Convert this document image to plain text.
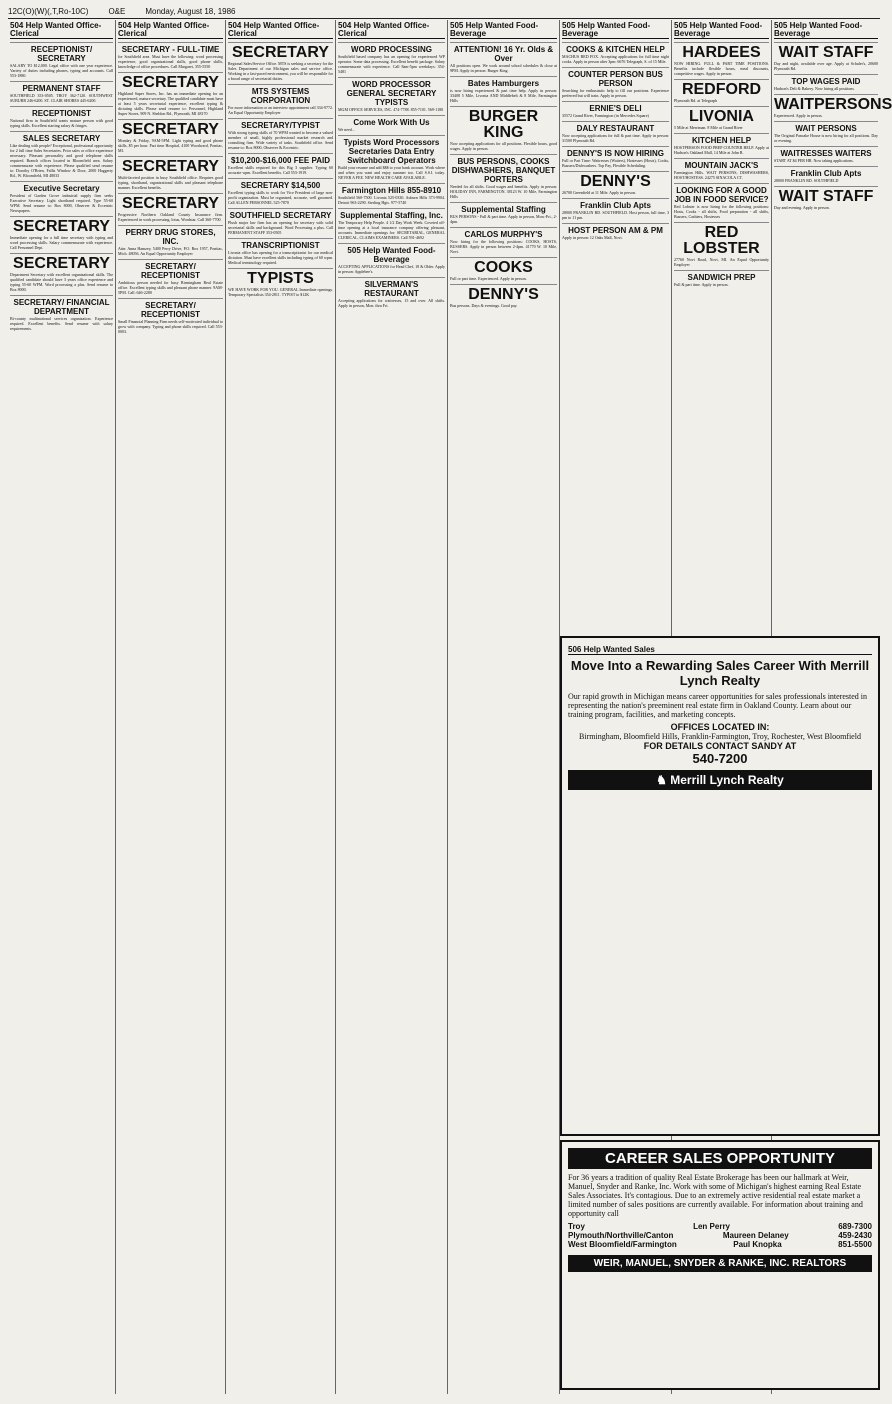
12C(O)(W)(,T,Ro-10C)	O&E	Monday, August 18, 1986
504 Help Wanted Office-Clerical
RECEPTIONIST/ SECRETARY
SALARY TO $12,000. Legal office with one year experience. Variety of duties including phones, typing and accounts. Call 553-1880.
PERMANENT STAFF
SOUTHFIELD 353-0505. TROY 362-7120. SOUTHWEST SUBURB 246-6200. ST. CLAIR SHORES 445-6200.
RECEPTIONIST
National firm in Southfield wants mature person with good typing skills. Excellent starting salary & fringes.
SALES SECRETARY
Like dealing with people? Exceptional, professional opportunity for 2 full time Sales Secretaries. Prior sales or office experience necessary. Pleasant personality and good telephone skills required. Branch offices located in Bloomfield area. Salary commensurate with experience. Please qualified send resume to: Dorothy O'Brien, Fallis Window & Door, 2000 Haggerty Rd., W. Bloomfield, MI 48033
Executive Secretary
President of Garden Grove industrial supply firm seeks Executive Secretary. Light shorthand required. Type 55-60 WPM. Send resume to: Box 8000, Observer & Eccentric Newspapers.
SECRETARY
Immediate opening for a full time secretary with typing and word processing skills. Salary commensurate with experience. Call Personnel Dept.
SECRETARY
Department Secretary with excellent organizational skills. The qualified candidate should have 3 years office experience and typing 55-60 WPM. Word processing a plus. Send resume to Box 8000.
SECRETARY/ FINANCIAL DEPARTMENT
Bi-county multinational services organization. Experience required. Excellent benefits. Send resume with salary requirements.
504 Help Wanted Office-Clerical
SECRETARY - FULL-TIME
for Southfield area. Must have the following: word processing experience, good organizational skills, good phone skills, knowledge of office procedures. Call Margaret, 355-5550
SECRETARY
Highland Super Stores, Inc. has an immediate opening for an experienced, mature secretary. The qualified candidate must have at least 5 years secretarial experience, excellent typing & dictating skills. Please send resume to: Personnel, Highland Super Stores, 909 N. Sheldon Rd., Plymouth, MI 48170
SECRETARY
Monday & Friday, 9AM-5PM. Light typing and good phone skills, $5 per hour. Part time Hospital, 4100 Woodward, Pontiac, MI.
SECRETARY
Multi-faceted position in busy Southfield office. Requires good typing, shorthand, organizational skills and pleasant telephone manner. Excellent benefits.
SECRETARY
Progressive Northern Oakland County Insurance firm. Experienced in work processing, lotus, Wordstar. Call 360-7700.
PERRY DRUG STORES, INC.
Attn: Anna Hamzey, 5400 Perry Drive, P.O. Box 1957, Pontiac, Mich. 48056. An Equal Opportunity Employer
SECRETARY/ RECEPTIONIST
Ambitious person needed for busy Birmingham Real Estate office. Excellent typing skills and pleasant phone manner. 9AM-5PM. Call: 646-2280
SECRETARY/ RECEPTIONIST
Small Financial Planning Firm needs self-motivated individual to grow with company. Typing and phone skills required. Call 553-0003.
504 Help Wanted Office-Clerical
SECRETARY
Regional Sales/Service Office. MTS is seeking a secretary for the Sales Department of our Michigan sales and service office. Working in a fast-paced environment, you will be responsible for a broad range of secretarial duties.
MTS SYSTEMS CORPORATION
For more information or an interview appointment call 334-9772. An Equal Opportunity Employer
SECRETARY/TYPIST
With strong typing skills of 70 WPM wanted to become a valued member of small, highly professional market research and consulting firm. Wide variety of tasks. Southfield office. Send resume to: Box 8000, Observer & Eccentric.
$10,200-$16,000 FEE PAID
Excellent skills required for this Big 3 supplier. Typing 60 accurate wpm. Excellent benefits. Call 553-1919.
SECRETARY $14,500
Excellent typing skills to work for Vice President of large non-profit organization. Must be organized, accurate, well groomed. Call ALLEN PERSONNEL 525-7870
SOUTHFIELD SECRETARY
Plush major law firm has an opening for secretary with solid secretarial skills and background. Word Processing a plus. Call PERMANENT STAFF 353-0505
TRANSCRIPTIONIST
Livonia office has opening for a transcriptionist for our medical dictation. Must have excellent skills including typing of 60 wpm. Medical terminology required.
TYPISTS
WE HAVE WORK FOR YOU. GENERAL Immediate openings. Temporary Specialists 354-2811. TYPIST to $12K
504 Help Wanted Office-Clerical
WORD PROCESSING
Southfield based company has an opening for experienced WP operator. Some data processing. Excellent benefit package. Salary commensurate with experience. Call 8am-5pm weekdays: 354-5481
WORD PROCESSOR GENERAL SECRETARY TYPISTS
MGM OFFICE SERVICES, INC. 474-7788. 855-7101. 569-1180
Come Work With Us
We need...
Typists Word Processors Secretaries Data Entry Switchboard Operators
Build your resume and add $$$ to your bank account. Work where and when you want and enjoy summer too. Call S.S.I. today. NEVER A FEE. NEW HEALTH CARE AVAILABLE.
Farmington Hills 855-8910
Southfield 560-7500. Livonia 525-0330. Auburn Hills 373-9904. Detroit 963-2290. Sterling Hgts. 977-5740
Supplemental Staffing, Inc.
The Temporary Help People. 4 1/2 Day Work Week. Coveted off-time opening at a local insurance company offering pleasant, accounts. Immediate openings for: SECRETARIAL, GENERAL CLERICAL, CLAIMS EXAMINERS. Call 591-4692
505 Help Wanted Food-Beverage
ACCEPTING APPLICATIONS for Head Chef, 18 & Older. Apply in person: Applebee's.
SILVERMAN'S RESTAURANT
Accepting applications for waitresses, 15 and over. All shifts. Apply in person, Mon. thru Fri.
505 Help Wanted Food-Beverage
ATTENTION! 16 Yr. Olds & Over
All positions open. We work around school schedules & close at 9PM. Apply in person: Burger King.
Bates Hamburgers
is now hiring experienced & part time help. Apply in person: 33408 5 Mile, Livonia AND Middlebelt & 8 Mile, Farmington Hills
BURGER KING
Now accepting applications for all positions. Flexible hours, good wages. Apply in person.
BUS PERSONS, COOKS DISHWASHERS, BANQUET PORTERS
Needed for all shifts. Good wages and benefits. Apply in person: HOLIDAY INN, FARMINGTON. 38123 W. 10 Mile, Farmington Hills
Supplemental Staffing
BUS PERSONS - Full & part time. Apply in person, Mon.-Fri., 2-4pm.
CARLOS MURPHY'S
Now hiring for the following positions: COOKS, HOSTS, BUSSERS. Apply in person between 2-4pm. 41770 W. 10 Mile, Novi.
COOKS
Full or part time. Experienced. Apply in person.
DENNY'S
Bus persons. Days & evenings. Good pay.
505 Help Wanted Food-Beverage
COOKS & KITCHEN HELP
MACHUS RED FOX. Accepting applications for full time night cooks. Apply in person after 3pm: 6676 Telegraph, S. of 15 Mile.
COUNTER PERSON BUS PERSON
Searching for enthusiastic help to fill our positions. Experience preferred but will train. Apply in person.
ERNIE'S DELI
35572 Grand River, Farmington (in Mercedes Square)
DALY RESTAURANT
Now accepting applications for full & part time. Apply in person: 31500 Plymouth Rd.
DENNY'S IS NOW HIRING
Full or Part Time: Waitresses (Waiters), Hostesses (Hosts), Cooks, Bussers/Dishwashers. Top Pay, Flexible Scheduling.
DENNY'S
26700 Greenfield at 11 Mile. Apply in person.
Franklin Club Apts
28000 FRANKLIN RD. SOUTHFIELD. Host person, full time, 3 pm to 11 pm.
HOST PERSON AM & PM
Apply in person: 12 Oaks Mall, Novi.
505 Help Wanted Food-Beverage
HARDEES
NOW HIRING. FULL & PART TIME POSITIONS. Benefits include flexible hours, meal discounts, competitive wages. Apply in person.
REDFORD
Plymouth Rd. at Telegraph
LIVONIA
5 Mile at Merriman. 8 Mile at Grand River
KITCHEN HELP
HOSTPERSON FOOD PREP COUNTER HELP. Apply at Hudson's Oakland Mall, 14 Mile at John R.
MOUNTAIN JACK'S
Farmington Hills. WAIT PERSONS, DISHWASHERS, HOST/HOSTESS. 24275 SINACOLA CT.
LOOKING FOR A GOOD JOB IN FOOD SERVICE?
Red Lobster is now hiring for the following positions: Hosts, Cooks - all shifts, Food preparation - all shifts, Bussers, Cashiers, Hostesses
RED LOBSTER
27760 Novi Road, Novi, MI. An Equal Opportunity Employer
SANDWICH PREP
Full & part time. Apply in person.
505 Help Wanted Food-Beverage
WAIT STAFF
Day and night, available over age. Apply at Schuler's, 20600 Plymouth Rd.
TOP WAGES PAID
Hudson's Deli & Bakery. Now hiring all positions.
WAITPERSONS
Experienced. Apply in person.
WAIT PERSONS
The Original Pancake House is now hiring for all positions. Day or evening.
WAITRESSES WAITERS
START AT $4 PER HR. Now taking applications.
Franklin Club Apts
28000 FRANKLIN RD. SOUTHFIELD
WAIT STAFF
Day and evening. Apply in person.
506 Help Wanted Sales
Move Into a Rewarding Sales Career With Merrill Lynch Realty

Our rapid growth in Michigan means career opportunities for sales professionals interested in representing the nation's preeminent real estate firm in Oakland County. Learn about our training program, facilities, and marketing concepts.

OFFICES LOCATED IN:
Birmingham, Bloomfield Hills, Franklin-Farmington, Troy, Rochester, West Bloomfield
FOR DETAILS CONTACT SANDY AT
540-7200
♞ Merrill Lynch Realty
CAREER SALES OPPORTUNITY

For 36 years a tradition of quality Real Estate Brokerage has been our hallmark at Weir, Manuel, Snyder and Ranke, Inc. Work with some of Michigan's highest earning Real Estate Sales Associates. It's contagious. Due to an extremely active residential real estate market a limited number of sales positions are currently available. For information about training and opportunity call

Troy	Len Perry	689-7300
Plymouth/Northville/Canton	Maureen Delaney	459-2430
West Bloomfield/Farmington	Paul Knopka	851-5500
WEIR, MANUEL, SNYDER & RANKE, INC. REALTORS
